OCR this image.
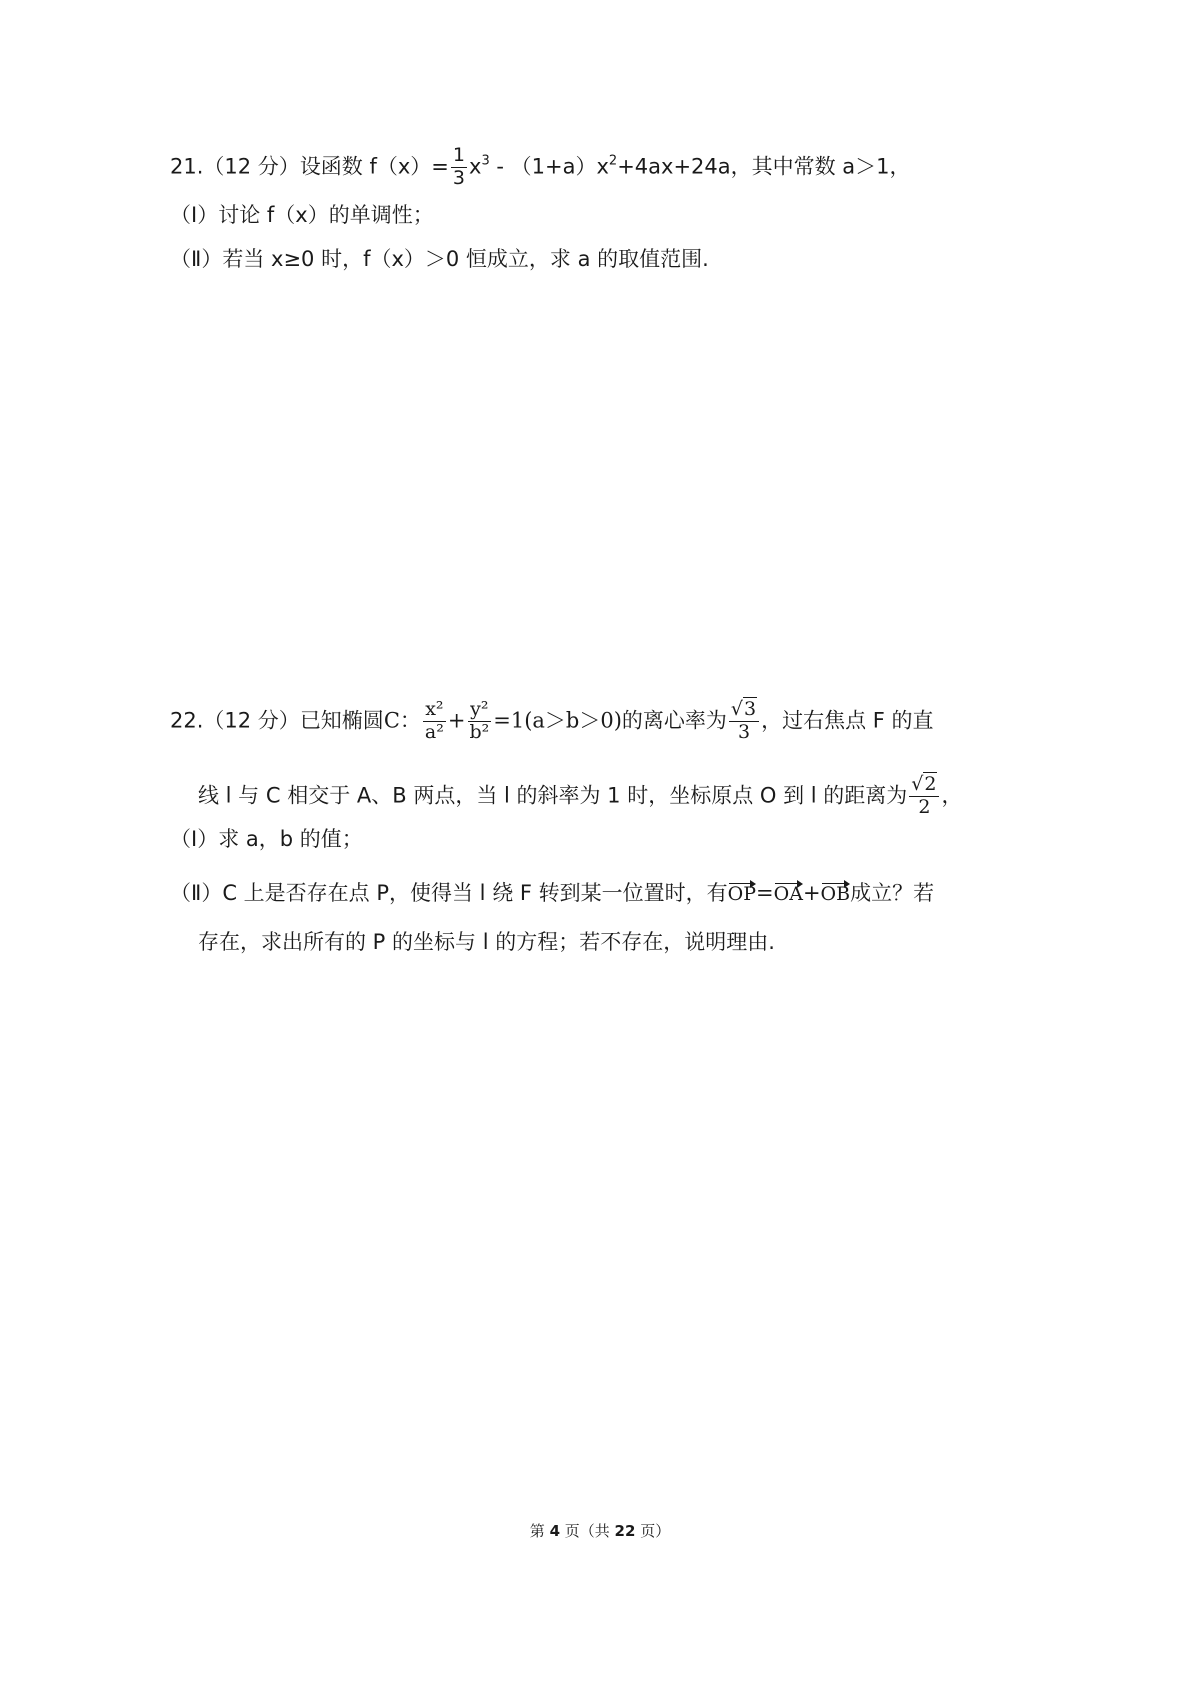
21.（12 分）设函数 $f(x)= \frac{1}{3} x^3 - (1+a)x^2+4ax+24a$，其中常数 a＞1，
（Ⅰ）讨论 f（x）的单调性；
（Ⅱ）若当 x≥0 时，f（x）＞0 恒成立，求 a 的取值范围.
22.（12 分）已知椭圆C： $\frac{\text{x²}}{\text{a²}} + \frac{\text{y²}}{\text{b²}} =1(a>b>0)$的离心率为 $\frac{√3}{3}$ ，过右焦点 F 的直
线 l 与 C 相交于 A、B 两点，当 l 的斜率为 1 时，坐标原点 O 到 l 的距离为 $\frac{√2}{2}$ ，
（Ⅰ）求 a，b 的值；
（Ⅱ）C 上是否存在点 P，使得当 l 绕 F 转到某一位置时，有OP=OA+OB成立？若
存在，求出所有的 P 的坐标与 l 的方程；若不存在，说明理由.
第 4 页（共 22 页）
